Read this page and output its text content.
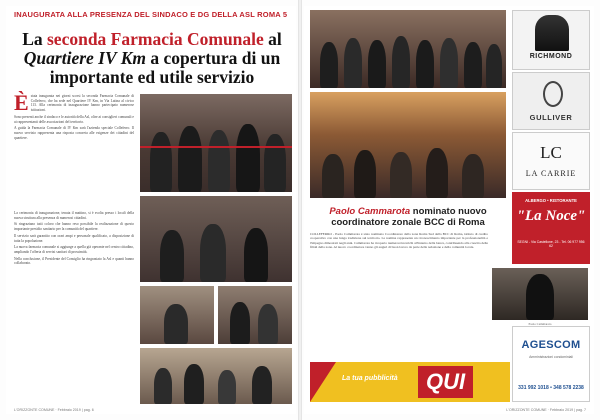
INAUGURATA ALLA PRESENZA DEL SINDACO E DG DELLA ASL ROMA 5
La seconda Farmacia Comunale al Quartiere IV Km a copertura di un importante ed utile servizio
È stata inaugurata nei giorni scorsi la seconda Farmacia Comunale di Colleferro, che ha sede nel Quartiere IV Km, in Via Latina al civico 113. Alla cerimonia di inaugurazione hanno partecipato numerose istituzioni.

Sono presenti anche il sindaco e le autorità della Asl, oltre ai consiglieri comunali e ai rappresentanti delle associazioni del territorio.

A guida la Farmacia Comunale di IV Km sarà l'azienda speciale Colleferro. Il nuovo servizio rappresenta una risposta concreta alle esigenze dei cittadini del quartiere.

La cerimonia di inaugurazione, tenuta il mattino, si è svolta presso i locali della nuova struttura alla presenza di numerosi cittadini.

Si ringraziano tutti coloro che hanno reso possibile la realizzazione di questo importante presidio sanitario per la comunità del quartiere.

Il servizio sarà garantito con orari ampi e personale qualificato, a disposizione di tutta la popolazione.

La nuova farmacia comunale si aggiunge a quella già operante nel centro cittadino, ampliando l'offerta di servizi sanitari di prossimità.

Nella conclusione, il Presidente del Consiglio ha ringraziato la Asl e quanti hanno collaborato.

L'ORIZZONTE COMUNE · Febbraio 2019 | pag. 6
RICHMOND
GULLIVER
LC
LA CARRIE
ALBERGO • RISTORANTE
"La Noce"
SEGNI - Via Castellone, 23 - Tel. 06 977 956 62
Paolo Cammarota nominato nuovo coordinatore zonale BCC di Roma
COLLEFERRO - Paolo Cammarota è stato nominato Coordinatore della zona Roma Sud della BCC di Roma, istituto di credito cooperativo con una lunga tradizione sul territorio. La nomina rappresenta un riconoscimento importante per la professionalità e l'impegno dimostrati negli anni. Cammarota ha ricoperto numerosi incarichi all'interno della banca, contribuendo alla crescita delle filiali della zona. Al nuovo coordinatore vanno gli auguri di buon lavoro da parte della redazione e della comunità locale.
Paolo Cammarota
La tua pubblicità	QUI
AGESCOM
Amministrazioni condominiali
331 992 1018 • 348 578 2238
L'ORIZZONTE COMUNE · Febbraio 2019 | pag. 7
